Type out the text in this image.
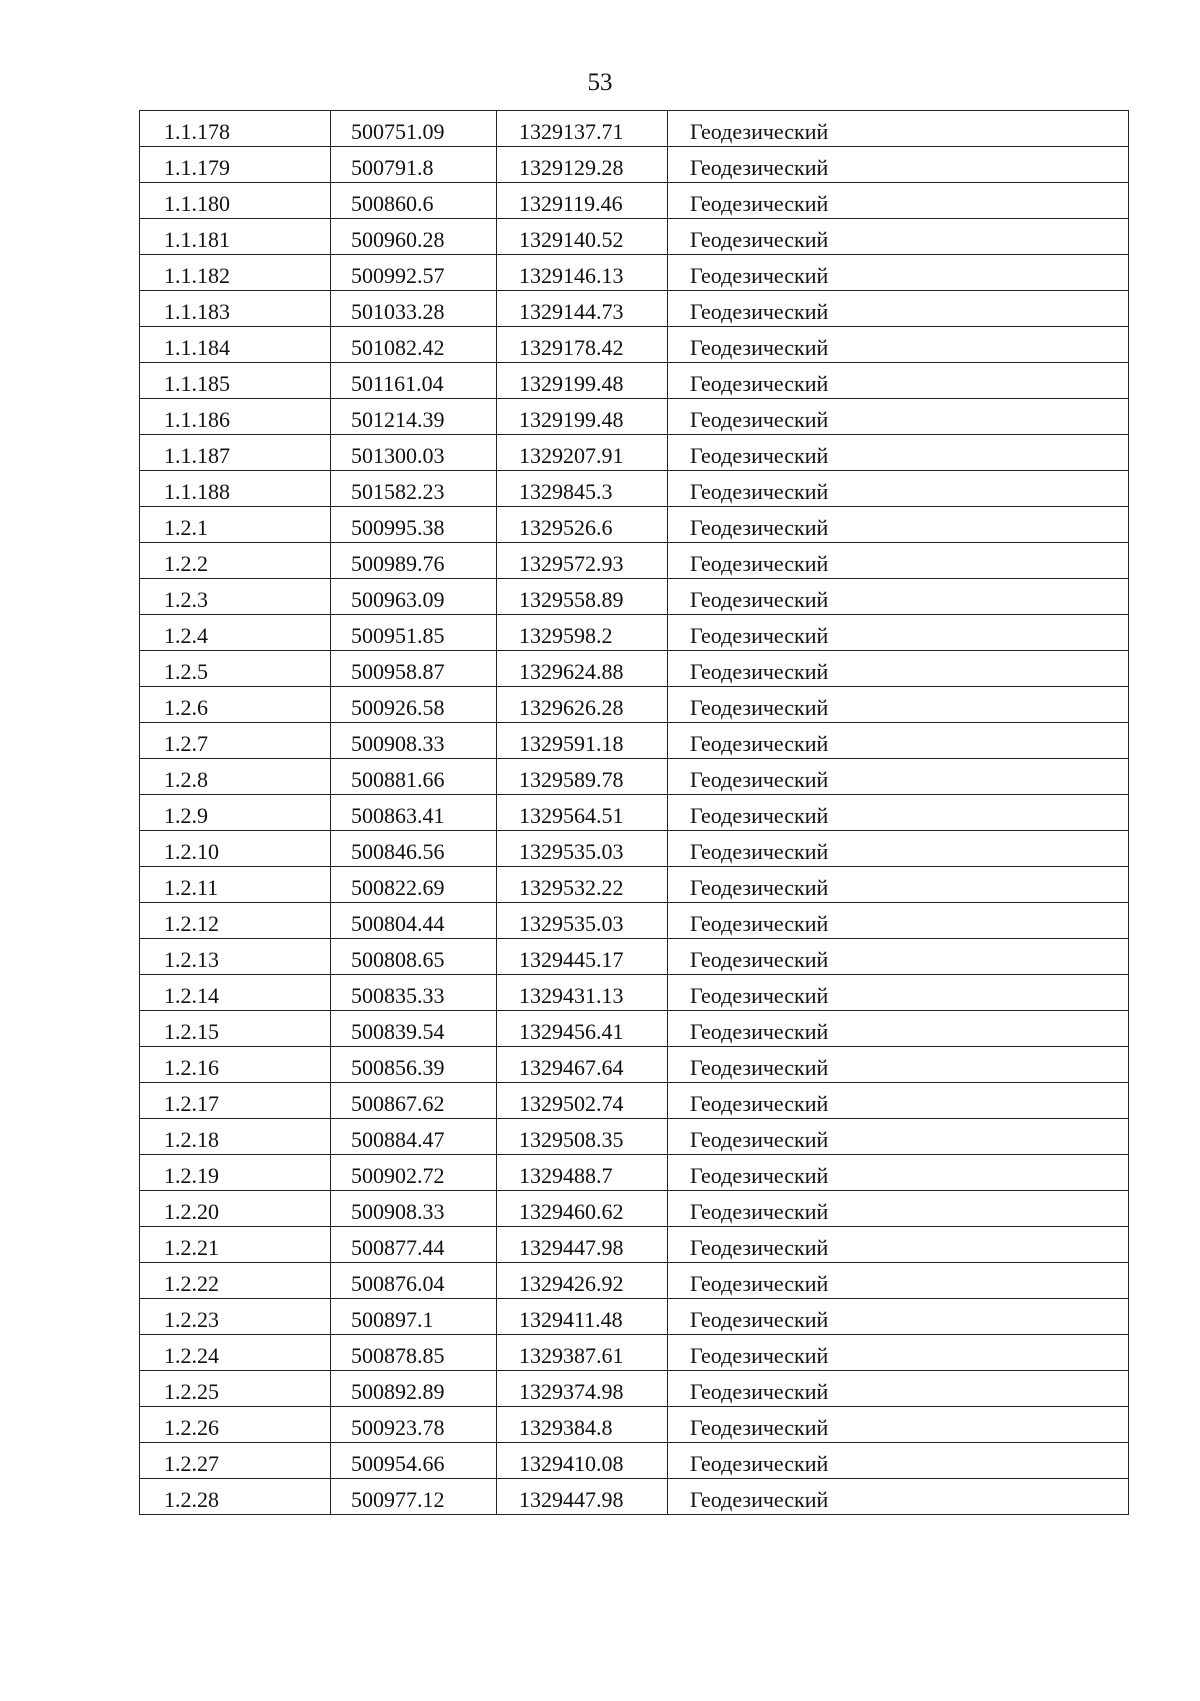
53
1.1.178	500751.09	1329137.71	Геодезический
1.1.179	500791.8	1329129.28	Геодезический
1.1.180	500860.6	1329119.46	Геодезический
1.1.181	500960.28	1329140.52	Геодезический
1.1.182	500992.57	1329146.13	Геодезический
1.1.183	501033.28	1329144.73	Геодезический
1.1.184	501082.42	1329178.42	Геодезический
1.1.185	501161.04	1329199.48	Геодезический
1.1.186	501214.39	1329199.48	Геодезический
1.1.187	501300.03	1329207.91	Геодезический
1.1.188	501582.23	1329845.3	Геодезический
1.2.1	500995.38	1329526.6	Геодезический
1.2.2	500989.76	1329572.93	Геодезический
1.2.3	500963.09	1329558.89	Геодезический
1.2.4	500951.85	1329598.2	Геодезический
1.2.5	500958.87	1329624.88	Геодезический
1.2.6	500926.58	1329626.28	Геодезический
1.2.7	500908.33	1329591.18	Геодезический
1.2.8	500881.66	1329589.78	Геодезический
1.2.9	500863.41	1329564.51	Геодезический
1.2.10	500846.56	1329535.03	Геодезический
1.2.11	500822.69	1329532.22	Геодезический
1.2.12	500804.44	1329535.03	Геодезический
1.2.13	500808.65	1329445.17	Геодезический
1.2.14	500835.33	1329431.13	Геодезический
1.2.15	500839.54	1329456.41	Геодезический
1.2.16	500856.39	1329467.64	Геодезический
1.2.17	500867.62	1329502.74	Геодезический
1.2.18	500884.47	1329508.35	Геодезический
1.2.19	500902.72	1329488.7	Геодезический
1.2.20	500908.33	1329460.62	Геодезический
1.2.21	500877.44	1329447.98	Геодезический
1.2.22	500876.04	1329426.92	Геодезический
1.2.23	500897.1	1329411.48	Геодезический
1.2.24	500878.85	1329387.61	Геодезический
1.2.25	500892.89	1329374.98	Геодезический
1.2.26	500923.78	1329384.8	Геодезический
1.2.27	500954.66	1329410.08	Геодезический
1.2.28	500977.12	1329447.98	Геодезический
